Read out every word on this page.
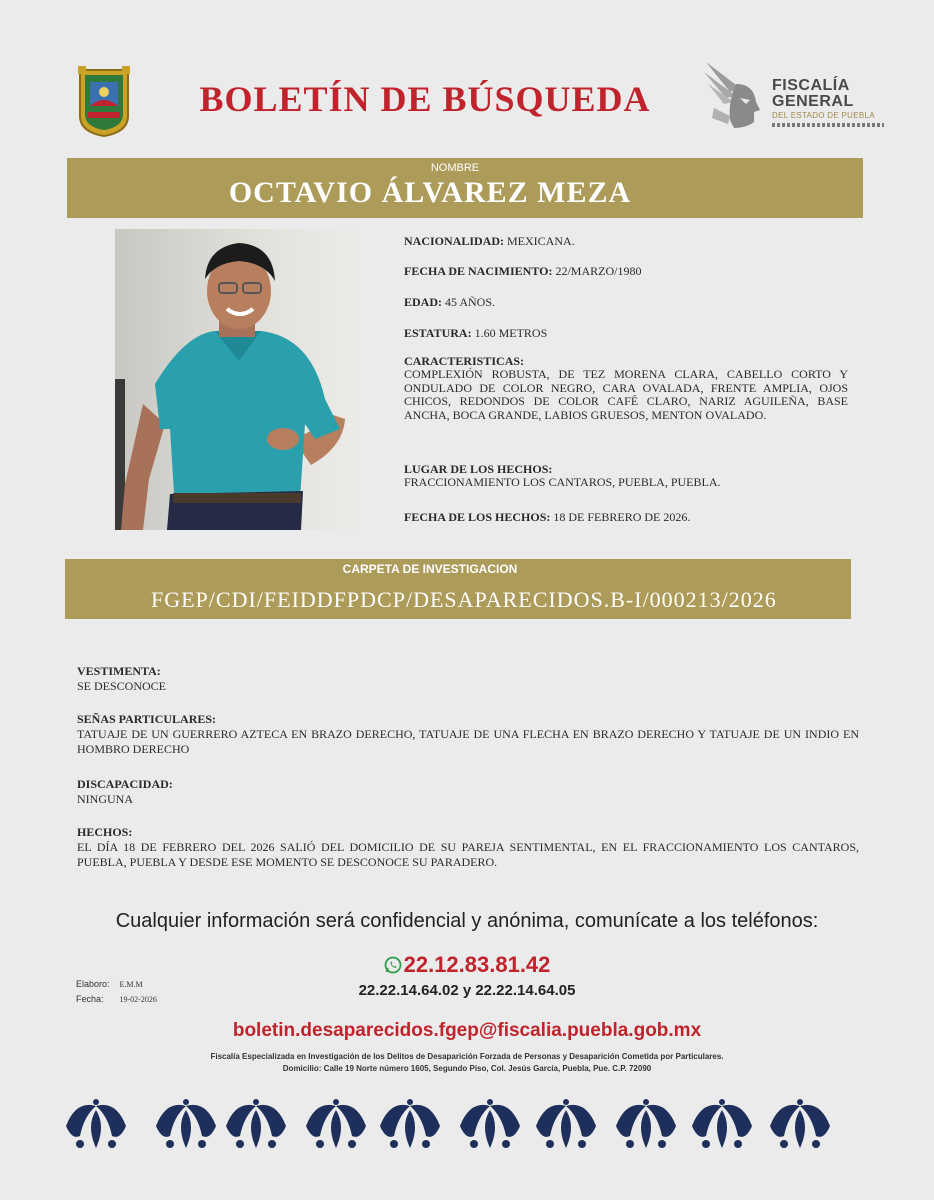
BOLETÍN DE BÚSQUEDA	FISCALÍA
GENERAL
DEL ESTADO DE PUEBLA
NOMBRE
OCTAVIO ÁLVAREZ MEZA
NACIONALIDAD: MEXICANA.
FECHA DE NACIMIENTO: 22/MARZO/1980
EDAD: 45 AÑOS.
ESTATURA: 1.60 METROS
CARACTERISTICAS:
COMPLEXIÓN ROBUSTA, DE TEZ MORENA CLARA, CABELLO CORTO Y ONDULADO DE COLOR NEGRO, CARA OVALADA, FRENTE AMPLIA, OJOS CHICOS, REDONDOS DE COLOR CAFÉ CLARO, NARIZ AGUILEÑA, BASE ANCHA, BOCA GRANDE, LABIOS GRUESOS, MENTON OVALADO.
LUGAR DE LOS HECHOS:
FRACCIONAMIENTO LOS CANTAROS, PUEBLA, PUEBLA.
FECHA DE LOS HECHOS: 18 DE FEBRERO DE 2026.
CARPETA DE INVESTIGACION
FGEP/CDI/FEIDDFPDCP/DESAPARECIDOS.B-I/000213/2026
VESTIMENTA:
SE DESCONOCE
SEÑAS PARTICULARES:
TATUAJE DE UN GUERRERO AZTECA EN BRAZO DERECHO, TATUAJE DE UNA FLECHA EN BRAZO DERECHO Y TATUAJE DE UN INDIO EN HOMBRO DERECHO
DISCAPACIDAD:
NINGUNA
HECHOS:
EL DÍA 18 DE FEBRERO DEL 2026 SALIÓ DEL DOMICILIO DE SU PAREJA SENTIMENTAL, EN EL FRACCIONAMIENTO LOS CANTAROS, PUEBLA, PUEBLA Y DESDE ESE MOMENTO SE DESCONOCE SU PARADERO.
Cualquier información será confidencial y anónima, comunícate a los teléfonos:
22.12.83.81.42
22.22.14.64.02 y 22.22.14.64.05
Elaboro: E.M.M
Fecha: 19-02-2026
boletin.desaparecidos.fgep@fiscalia.puebla.gob.mx
Fiscalía Especializada en Investigación de los Delitos de Desaparición Forzada de Personas y Desaparición Cometida por Particulares.
Domicilio: Calle 19 Norte número 1605, Segundo Piso, Col. Jesús García, Puebla, Pue. C.P. 72090
